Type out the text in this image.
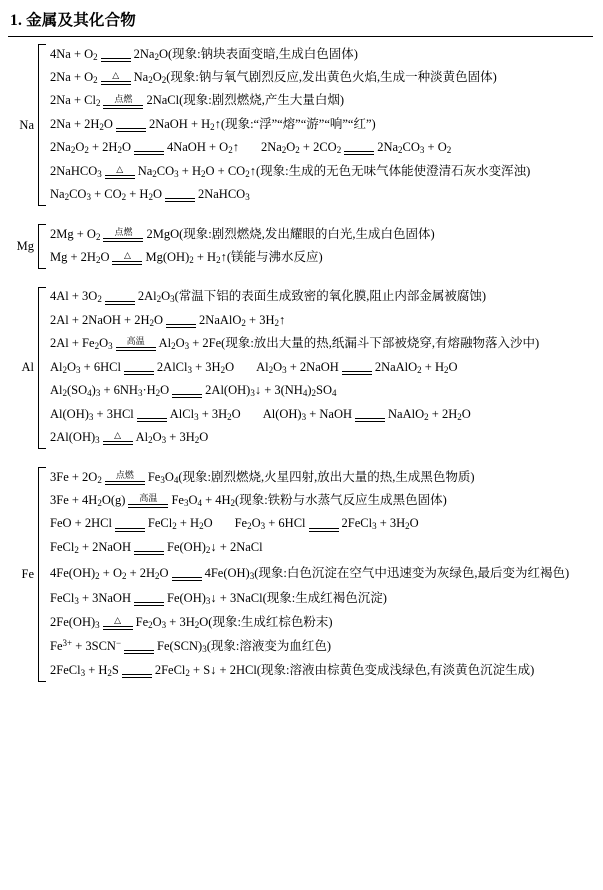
1. 金属及其化合物
Na
$4Na + O_2$	$2Na_2O$(现象:钠块表面变暗,生成白色固体)
$2Na + O_2$	△	$Na_2O_2$(现象:钠与氧气剧烈反应,发出黄色火焰,生成一种淡黄色固体)
$2Na + Cl_2$	点燃	2NaCl(现象:剧烈燃烧,产生大量白烟)
$2Na + 2H_2O$	2NaOH + $H_2↑$(现象:“浮”“熔”“游”“响”“红”)
$2Na_2O_2 + 2H_2O$	4NaOH + $O_2↑$ $2Na_2O_2 + 2CO_2$	$2Na_2CO_3 + O_2$
2NaHCO$_3$	△	$Na_2CO_3 + H_2O$ + $CO_2↑$(现象:生成的无色无味气体能使澄清石灰水变浑浊)
$Na_2CO_3 + CO_2 + H_2O$	2NaHCO$_3$
Mg
$2Mg + O_2$	点燃	2MgO(现象:剧烈燃烧,发出耀眼的白光,生成白色固体)
$Mg + 2H_2O$	△	$Mg(OH)_2$ + $H_2↑$(镁能与沸水反应)
Al
$4Al + 3O_2$	$2Al_2O_3$(常温下铝的表面生成致密的氧化膜,阻止内部金属被腐蚀)
2Al + 2NaOH + $2H_2O$	2NaAlO$_2$ + $3H_2↑$
$2Al + Fe_2O_3$	高温	$Al_2O_3 + 2Fe$(现象:放出大量的热,纸漏斗下部被烧穿,有熔融物落入沙中)
$Al_2O_3 + 6HCl$	2AlCl$_3$ + $3H_2O$ $Al_2O_3$ + 2NaOH	2NaAlO$_2$ + $H_2O$
$Al_2(SO_4)_3 + 6NH_3\cdot H_2O$	$2Al(OH)_3↓ + 3(NH_4)_2SO_4$
$Al(OH)_3 + 3HCl$	AlCl$_3$ + $3H_2O$ $Al(OH)_3$ + NaOH	NaAlO$_2$ + $2H_2O$
$2Al(OH)_3$	△	$Al_2O_3 + 3H_2O$
Fe
$3Fe + 2O_2$	点燃	$Fe_3O_4$(现象:剧烈燃烧,火星四射,放出大量的热,生成黑色物质)
$3Fe + 4H_2O(g)$	高温	$Fe_3O_4 + 4H_2$(现象:铁粉与水蒸气反应生成黑色固体)
FeO + 2HCl	FeCl$_2$ + $H_2O$ $Fe_2O_3 + 6HCl$	2FeCl$_3$ + $3H_2O$
FeCl$_2$ + 2NaOH	$Fe(OH)_2↓$ + 2NaCl
$4Fe(OH)_2 + O_2 + 2H_2O$	$4Fe(OH)_3$(现象:白色沉淀在空气中迅速变为灰绿色,最后变为红褐色)
FeCl$_3$ + 3NaOH	$Fe(OH)_3↓$ + 3NaCl(现象:生成红褐色沉淀)
$2Fe(OH)_3$	△	$Fe_2O_3 + 3H_2O$(现象:生成红棕色粉末)
$Fe^{3+} + 3SCN^-$	$Fe(SCN)_3$(现象:溶液变为血红色)
2FeCl$_3$ + $H_2S$	2FeCl$_2$ + S↓ + 2HCl(现象:溶液由棕黄色变成浅绿色,有淡黄色沉淀生成)
